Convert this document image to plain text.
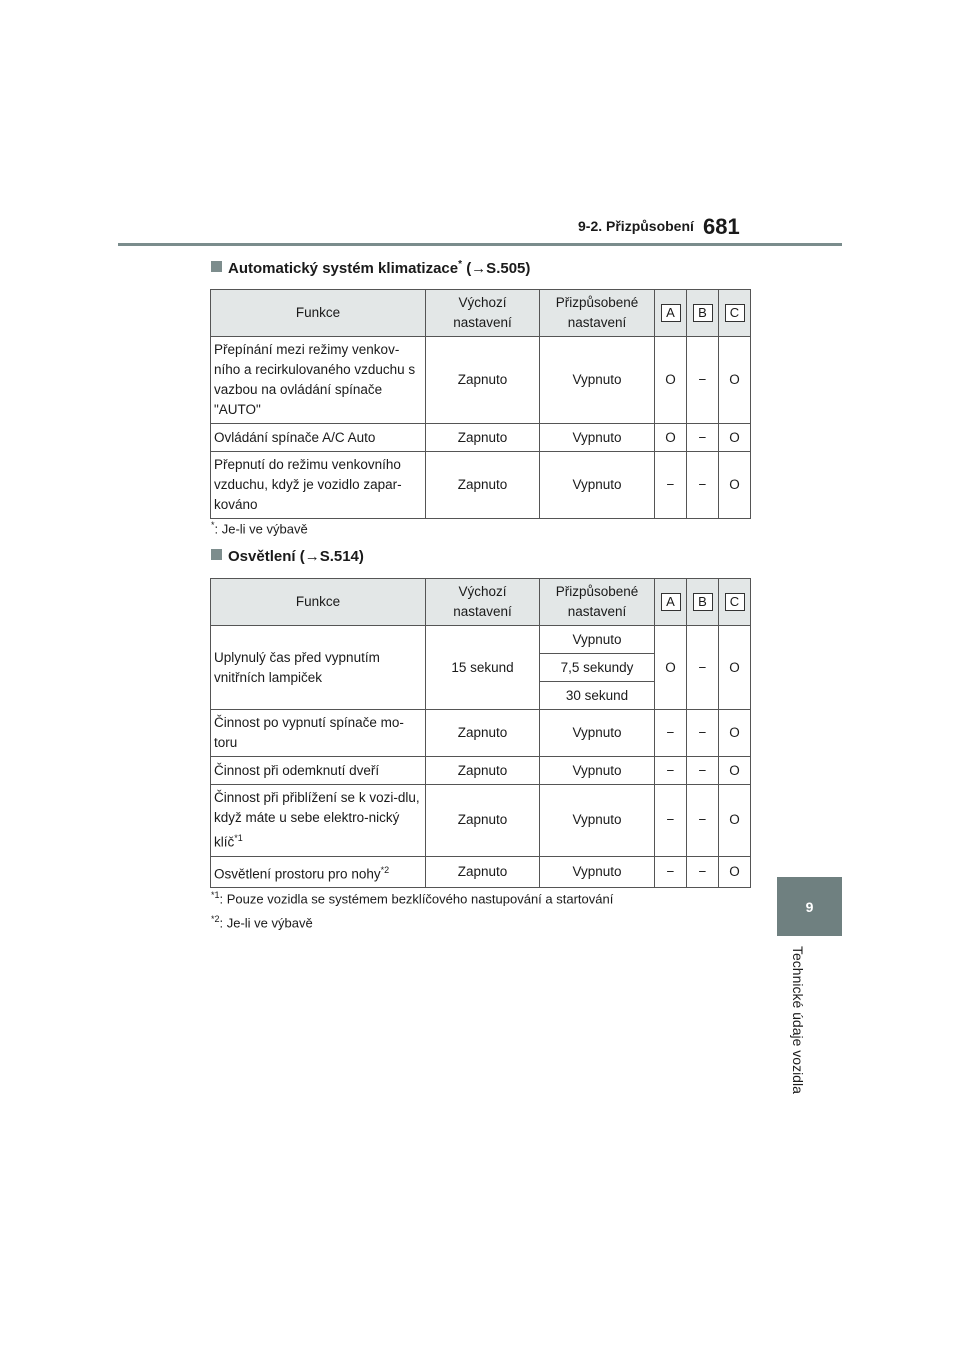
9-2. Přizpůsobení 681
9
Technické údaje vozidla
Automatický systém klimatizace* (→S.505)
Funkce	Výchozí nastavení	Přizpůsobené nastavení	A	B	C
Přepínání mezi režimy venkov-ního a recirkulovaného vzduchu s vazbou na ovládání spínače "AUTO"	Zapnuto	Vypnuto	O	−	O
Ovládání spínače A/C Auto	Zapnuto	Vypnuto	O	−	O
Přepnutí do režimu venkovního vzduchu, když je vozidlo zapar-kováno	Zapnuto	Vypnuto	−	−	O
*: Je-li ve výbavě
Osvětlení (→S.514)
Funkce	Výchozí nastavení	Přizpůsobené nastavení	A	B	C
Uplynulý čas před vypnutím vnitřních lampiček	15 sekund	Vypnuto	O	−	O
		7,5 sekundy			
		30 sekund			
Činnost po vypnutí spínače mo-toru	Zapnuto	Vypnuto	−	−	O
Činnost při odemknutí dveří	Zapnuto	Vypnuto	−	−	O
Činnost při přiblížení se k vozi-dlu, když máte u sebe elektro-nický klíč$^{*1}$	Zapnuto	Vypnuto	−	−	O
Osvětlení prostoru pro nohy$^{*2}$	Zapnuto	Vypnuto	−	−	O
$^{*1}$: Pouze vozidla se systémem bezklíčového nastupování a startování
$^{*2}$: Je-li ve výbavě
